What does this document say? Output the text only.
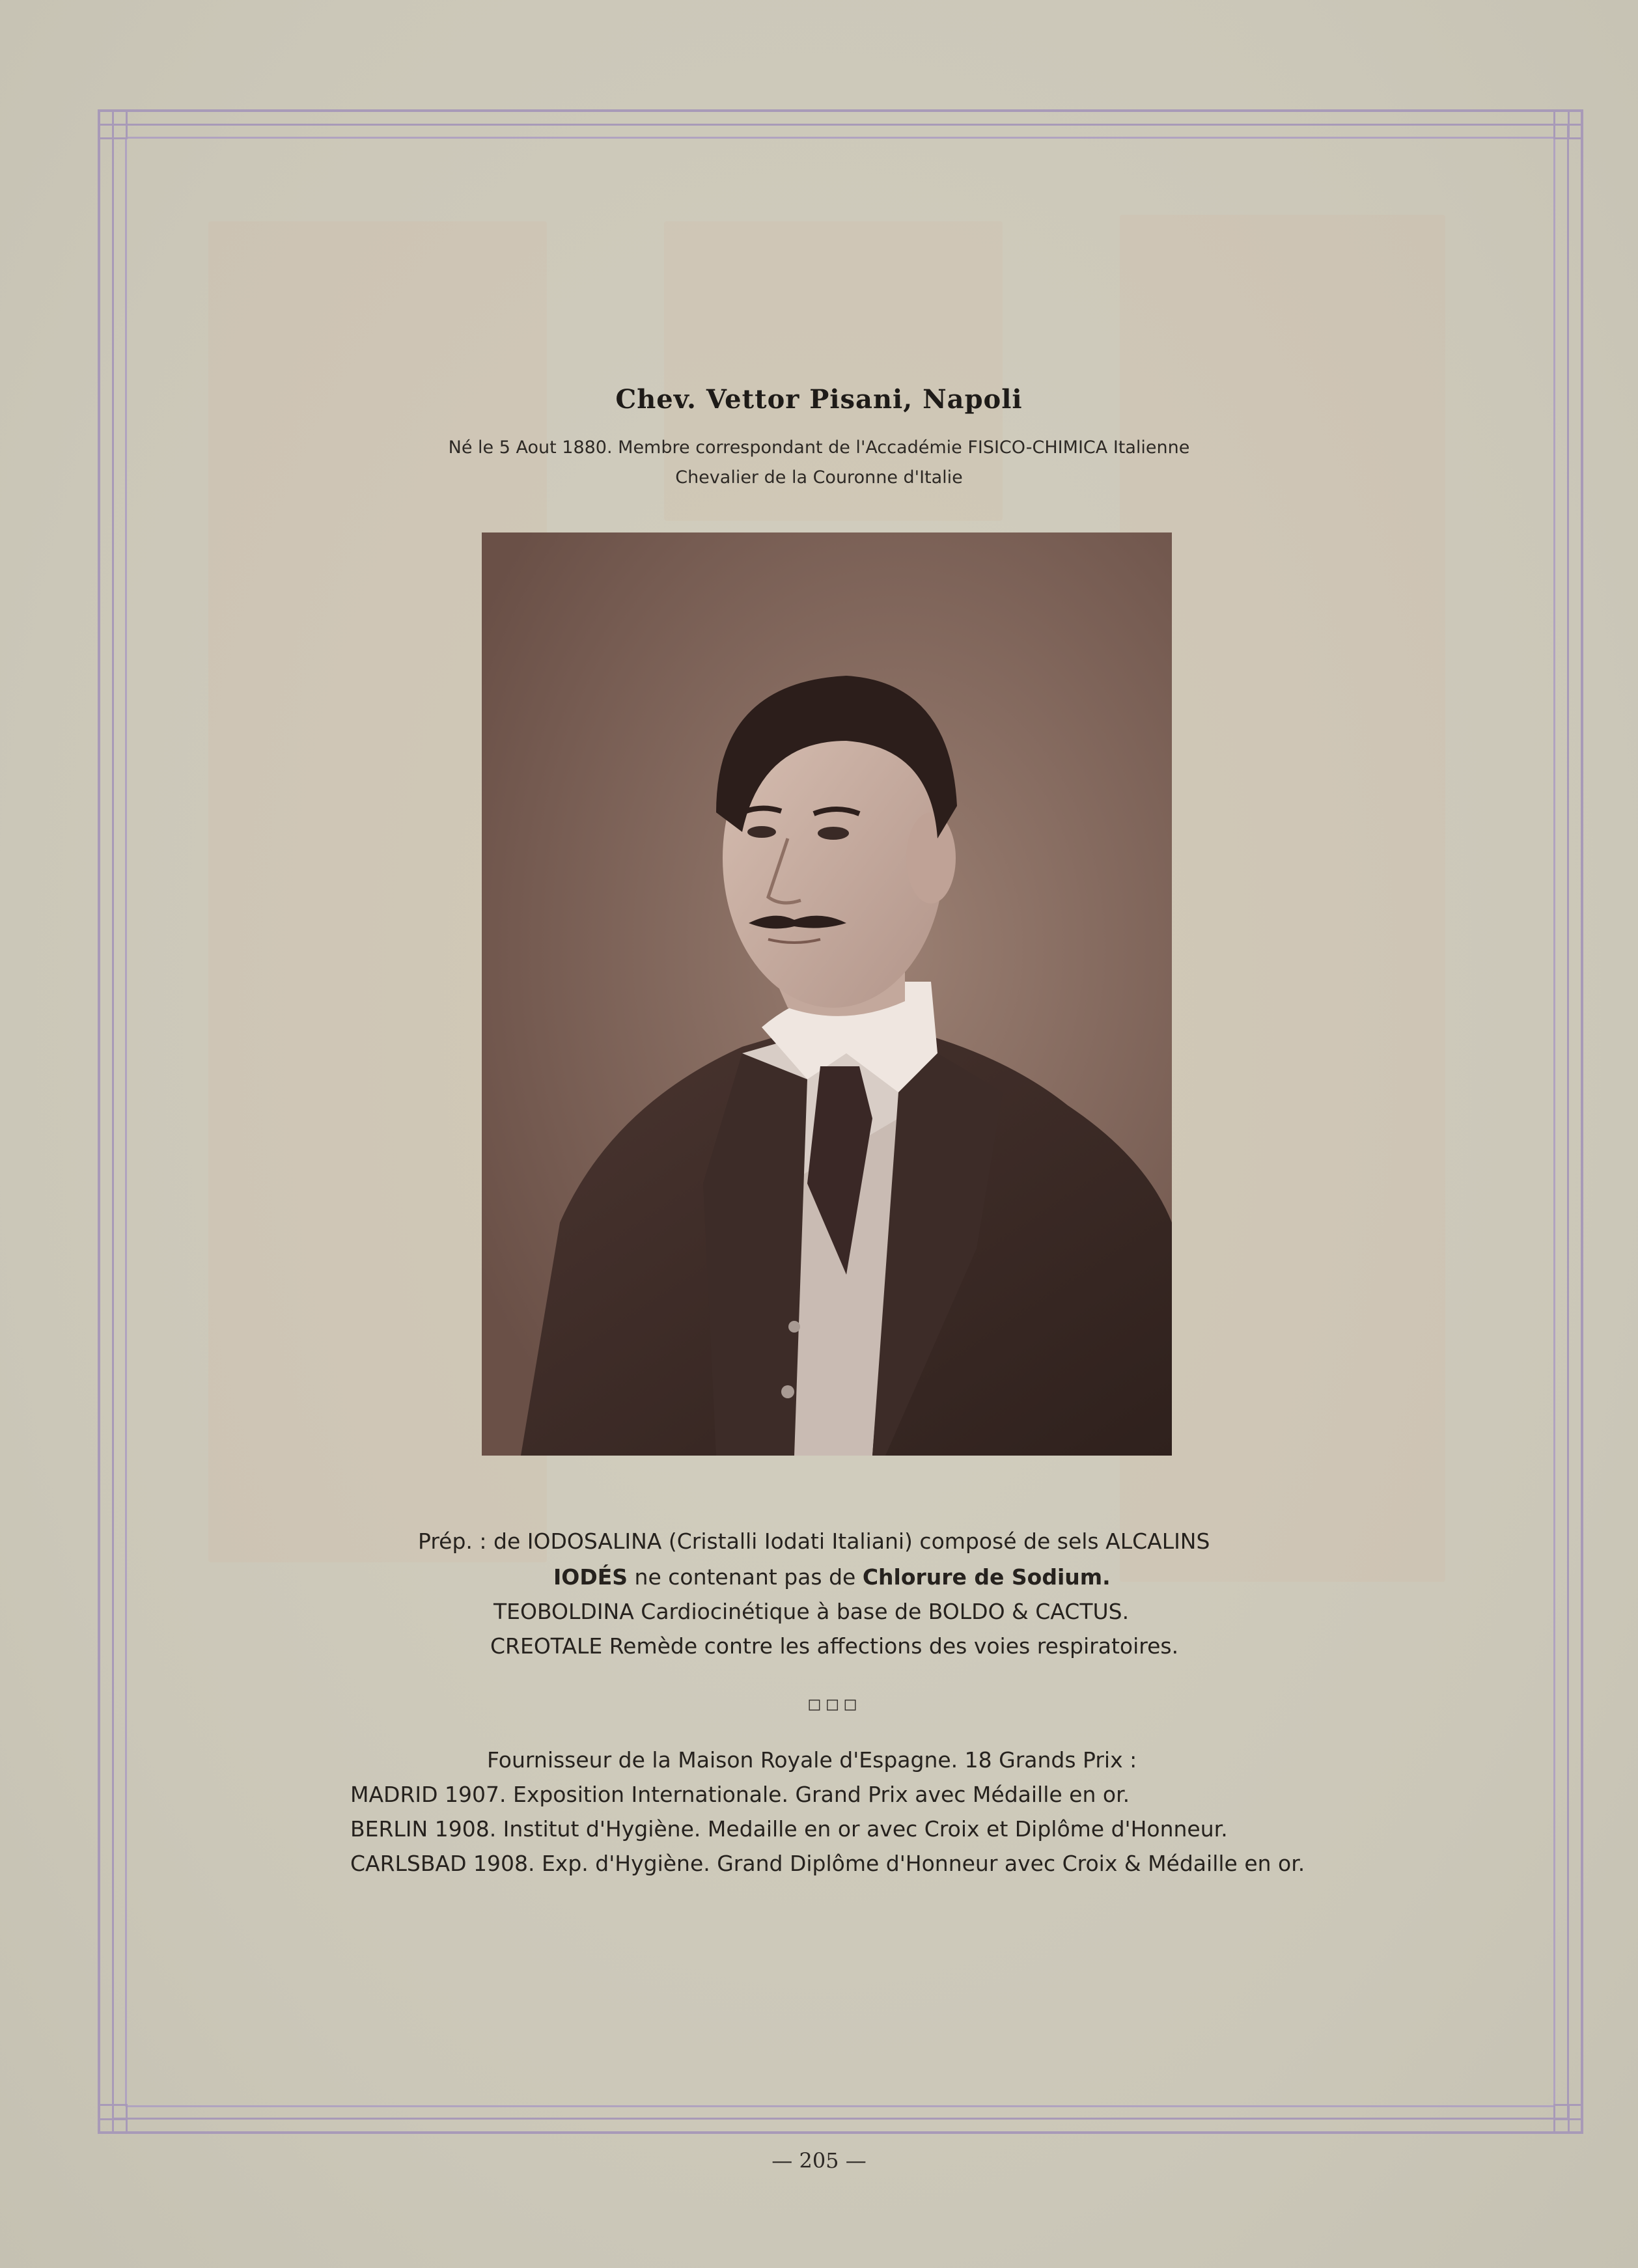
Chev. Vettor Pisani, Napoli
Né le 5 Aout 1880. Membre correspondant de l'Accadémie FISICO-CHIMICA Italienne
Chevalier de la Couronne d'Italie
Prép. : de IODOSALINA (Cristalli Iodati Italiani) composé de sels ALCALINS
IODÉS ne contenant pas de Chlorure de Sodium.
TEOBOLDINA Cardiocinétique à base de BOLDO & CACTUS.
CREOTALE Remède contre les affections des voies respiratoires.
◻◻◻
Fournisseur de la Maison Royale d'Espagne. 18 Grands Prix :
MADRID 1907. Exposition Internationale. Grand Prix avec Médaille en or.
BERLIN 1908. Institut d'Hygiène. Medaille en or avec Croix et Diplôme d'Honneur.
CARLSBAD 1908. Exp. d'Hygiène. Grand Diplôme d'Honneur avec Croix & Médaille en or.
— 205 —
